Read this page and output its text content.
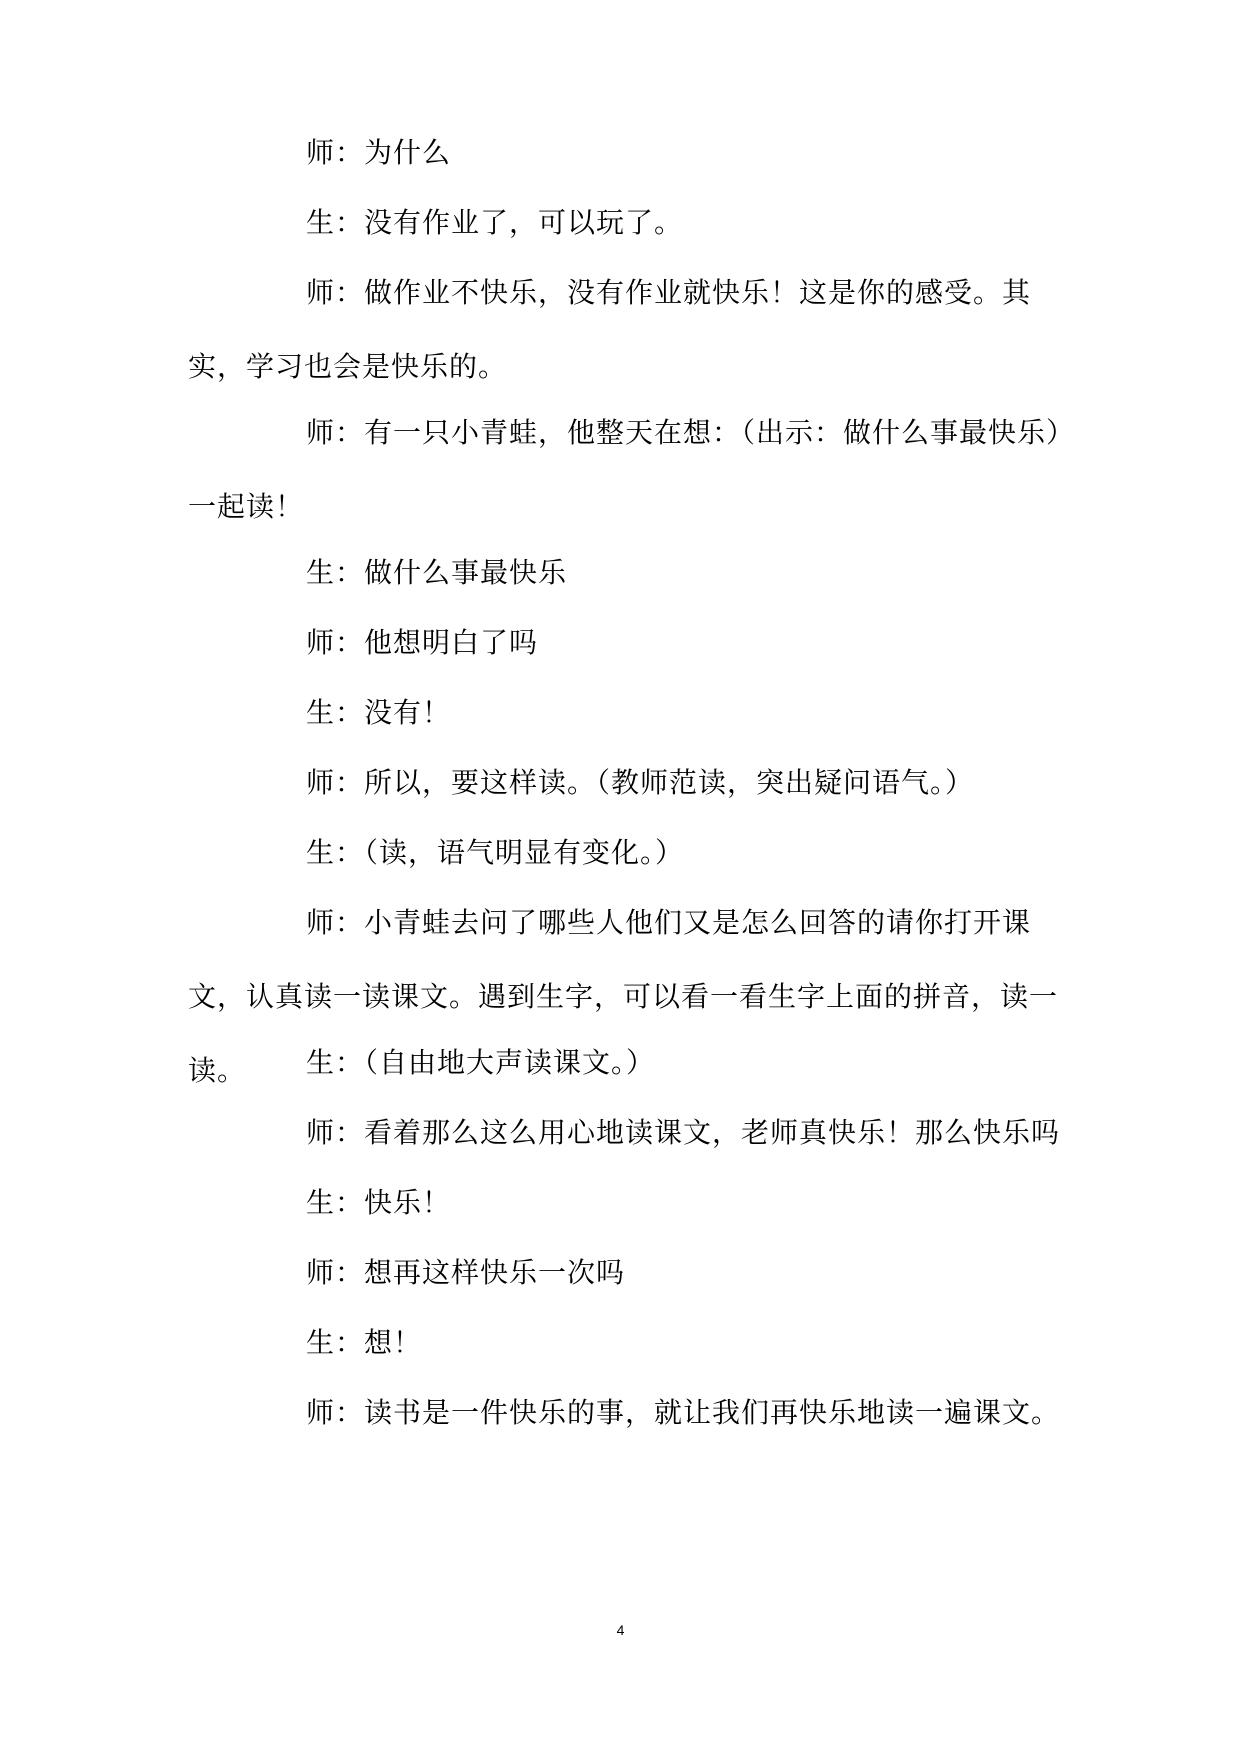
师：为什么

生：没有作业了，可以玩了。

师：做作业不快乐，没有作业就快乐！这是你的感受。其实，学习也会是快乐的。

师：有一只小青蛙，他整天在想：（出示：做什么事最快乐）一起读！

生：做什么事最快乐

师：他想明白了吗

生：没有！

师：所以，要这样读。（教师范读，突出疑问语气。）

生：（读，语气明显有变化。）

师：小青蛙去问了哪些人他们又是怎么回答的请你打开课文，认真读一读课文。遇到生字，可以看一看生字上面的拼音，读一读。	生：（自由地大声读课文。）

师：看着那么这么用心地读课文，老师真快乐！那么快乐吗

生：快乐！

师：想再这样快乐一次吗

生：想！

师：读书是一件快乐的事，就让我们再快乐地读一遍课文。

4
